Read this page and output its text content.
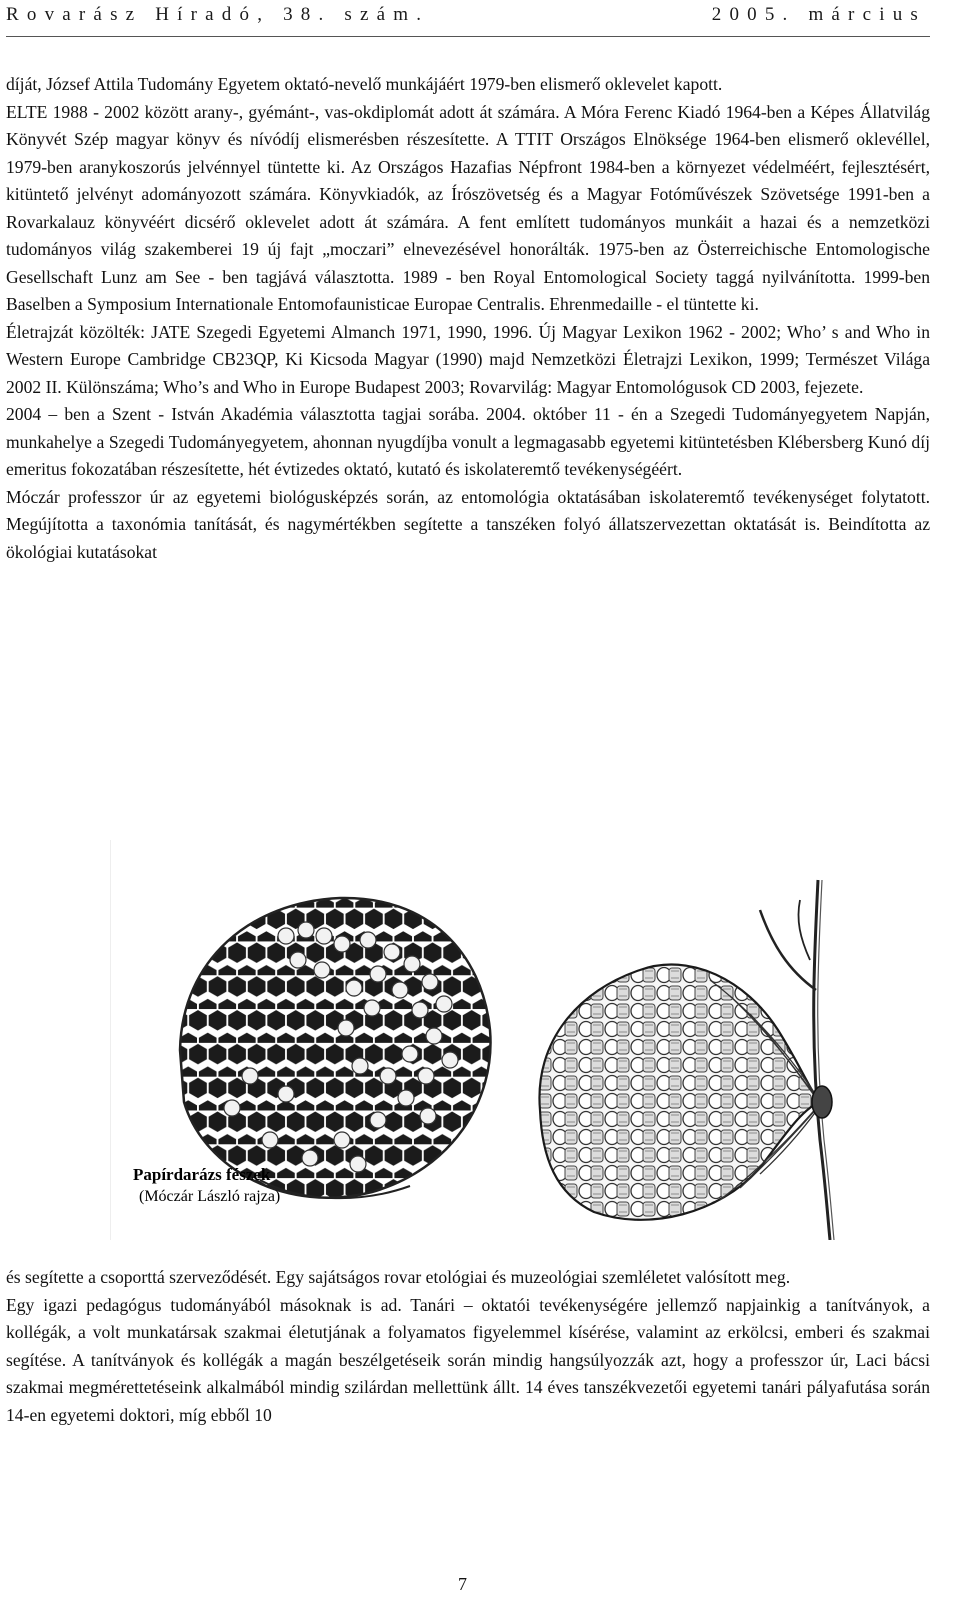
Rovarász Híradó, 38. szám.	2005. március

díját, József Attila Tudomány Egyetem oktató-nevelő munkájáért 1979-ben elismerő oklevelet kapott.

ELTE 1988 - 2002 között arany-, gyémánt-, vas-okdiplomát adott át számára. A Móra Ferenc Kiadó 1964-ben a Képes Állatvilág Könyvét Szép magyar könyv és nívódíj elismerésben részesítette. A TTIT Országos Elnöksége 1964-ben elismerő oklevéllel, 1979-ben aranykoszorús jelvénnyel tüntette ki. Az Országos Hazafias Népfront 1984-ben a környezet védelméért, fejlesztésért, kitüntető jelvényt adományozott számára. Könyvkiadók, az Írószövetség és a Magyar Fotóművészek Szövetsége 1991-ben a Rovarkalauz könyvéért dicsérő oklevelet adott át számára. A fent említett tudományos munkáit a hazai és a nemzetközi tudományos világ szakemberei 19 új fajt „moczari” elnevezésével honorálták. 1975-ben az Österreichische Entomologische Gesellschaft Lunz am See - ben tagjává választotta. 1989 - ben Royal Entomological Society taggá nyilvánította. 1999-ben Baselben a Symposium Internationale Entomofaunisticae Europae Centralis. Ehrenmedaille - el tüntette ki.

Életrajzát közölték: JATE Szegedi Egyetemi Almanch 1971, 1990, 1996. Új Magyar Lexikon 1962 - 2002; Who’ s and Who in Western Europe Cambridge CB23QP, Ki Kicsoda Magyar (1990) majd Nemzetközi Életrajzi Lexikon, 1999; Természet Világa 2002 II. Különszáma; Who’s and Who in Europe Budapest 2003; Rovarvilág: Magyar Entomológusok CD 2003, fejezete.

2004 – ben a Szent - István Akadémia választotta tagjai sorába. 2004. október 11 - én a Szegedi Tudományegyetem Napján, munkahelye a Szegedi Tudományegyetem, ahonnan nyugdíjba vonult a legmagasabb egyetemi kitüntetésben Klébersberg Kunó díj emeritus fokozatában részesítette, hét évtizedes oktató, kutató és iskolateremtő tevékenységéért.

Móczár professzor úr az egyetemi biológusképzés során, az entomológia oktatásában iskolateremtő tevékenységet folytatott. Megújította a taxonómia tanítását, és nagymértékben segítette a tanszéken folyó állatszervezettan oktatását is. Beindította az ökológiai kutatásokat

Papírdarázs fészek
(Móczár László rajza)

és segítette a csoporttá szerveződését. Egy sajátságos rovar etológiai és muzeológiai szemléletet valósított meg.

Egy igazi pedagógus tudományából másoknak is ad. Tanári – oktatói tevékenységére jellemző napjainkig a tanítványok, a kollégák, a volt munkatársak szakmai életutjának a folyamatos figyelemmel kísérése, valamint az erkölcsi, emberi és szakmai segítése. A tanítványok és kollégák a magán beszélgetéseik során mindig hangsúlyozzák azt, hogy a professzor úr, Laci bácsi szakmai megmérettetéseink alkalmából mindig szilárdan mellettünk állt. 14 éves tanszékvezetői egyetemi tanári pályafutása során 14-en egyetemi doktori, míg ebből 10

7
